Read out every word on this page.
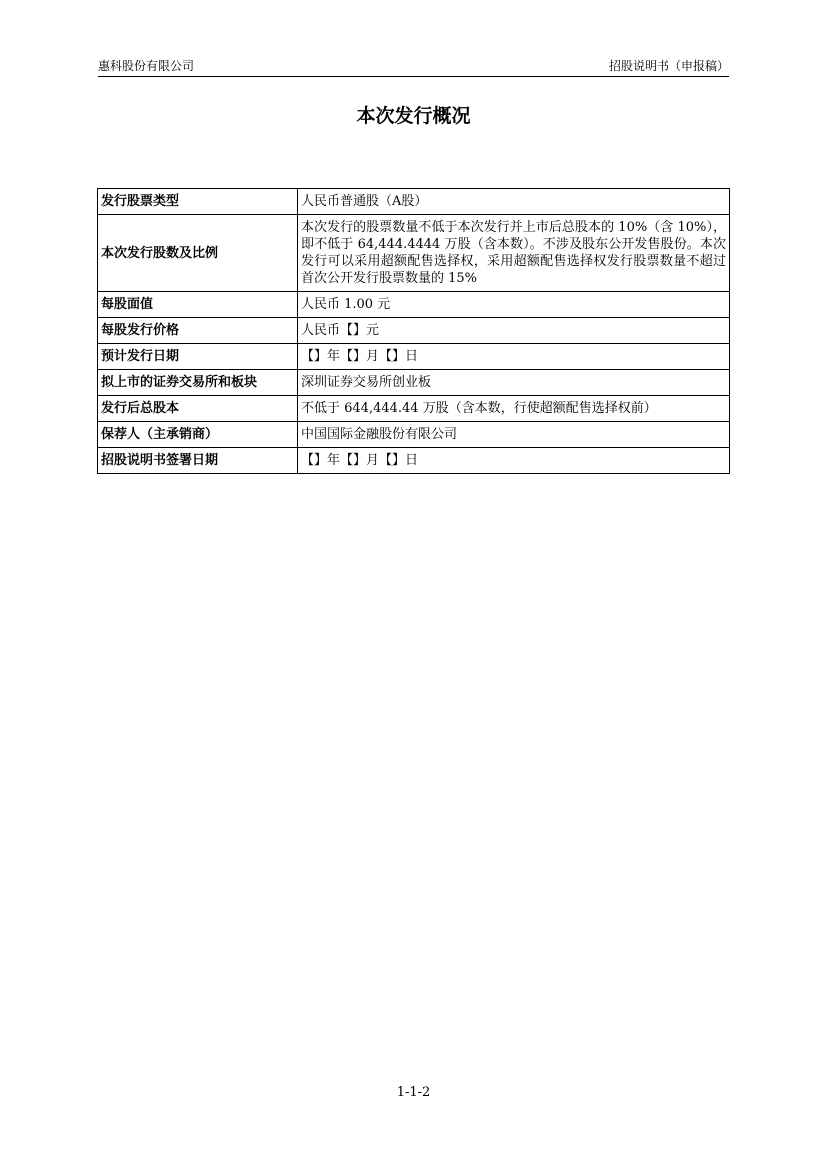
惠科股份有限公司	招股说明书（申报稿）
本次发行概况
发行股票类型	人民币普通股（A股）
本次发行股数及比例	本次发行的股票数量不低于本次发行并上市后总股本的 10%（含 10%），即不低于 64,444.4444 万股（含本数）。不涉及股东公开发售股份。本次发行可以采用超额配售选择权，采用超额配售选择权发行股票数量不超过首次公开发行股票数量的 15%
每股面值	人民币 1.00 元
每股发行价格	人民币【】元
预计发行日期	【】年【】月【】日
拟上市的证券交易所和板块	深圳证券交易所创业板
发行后总股本	不低于 644,444.44 万股（含本数，行使超额配售选择权前）
保荐人（主承销商）	中国国际金融股份有限公司
招股说明书签署日期	【】年【】月【】日
1-1-2
